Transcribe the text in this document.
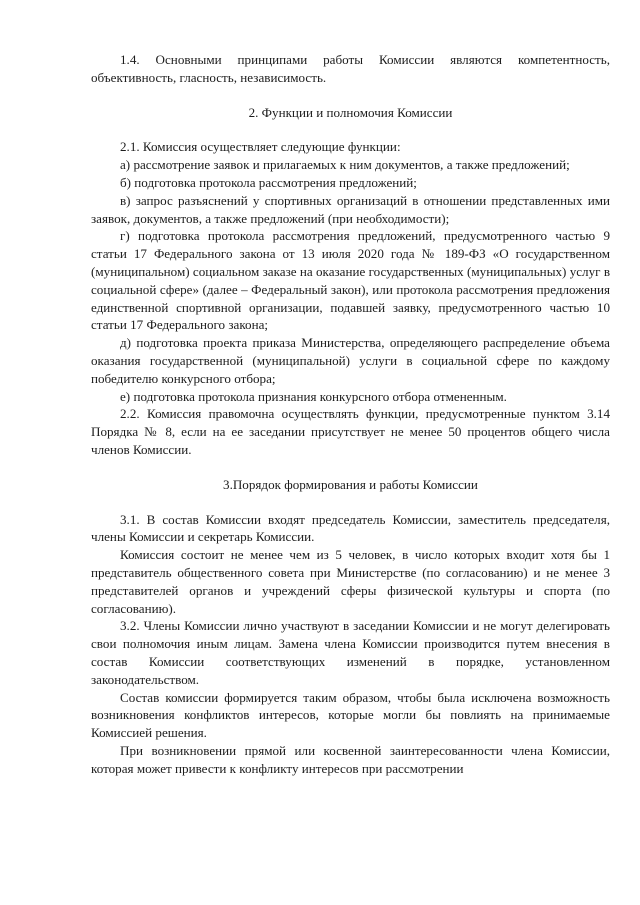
1.4. Основными принципами работы Комиссии являются компетентность, объективность, гласность, независимость.

2. Функции и полномочия Комиссии

2.1. Комиссия осуществляет следующие функции:

а) рассмотрение заявок и прилагаемых к ним документов, а также предложений;

б) подготовка протокола рассмотрения предложений;

в) запрос разъяснений у спортивных организаций в отношении представленных ими заявок, документов, а также предложений (при необходимости);

г) подготовка протокола рассмотрения предложений, предусмотренного частью 9 статьи 17 Федерального закона от 13 июля 2020 года № 189-ФЗ «О государственном (муниципальном) социальном заказе на оказание государственных (муниципальных) услуг в социальной сфере» (далее – Федеральный закон), или протокола рассмотрения предложения единственной спортивной организации, подавшей заявку, предусмотренного частью 10 статьи 17 Федерального закона;

д) подготовка проекта приказа Министерства, определяющего распределение объема оказания государственной (муниципальной) услуги в социальной сфере по каждому победителю конкурсного отбора;

е) подготовка протокола признания конкурсного отбора отмененным.

2.2. Комиссия правомочна осуществлять функции, предусмотренные пунктом 3.14 Порядка № 8, если на ее заседании присутствует не менее 50 процентов общего числа членов Комиссии.

3.Порядок формирования и работы Комиссии

3.1. В состав Комиссии входят председатель Комиссии, заместитель председателя, члены Комиссии и секретарь Комиссии.

Комиссия состоит не менее чем из 5 человек, в число которых входит хотя бы 1 представитель общественного совета при Министерстве (по согласованию) и не менее 3 представителей органов и учреждений сферы физической культуры и спорта (по согласованию).

3.2. Члены Комиссии лично участвуют в заседании Комиссии и не могут делегировать свои полномочия иным лицам. Замена члена Комиссии производится путем внесения в состав Комиссии соответствующих изменений в порядке, установленном законодательством.

Состав комиссии формируется таким образом, чтобы была исключена возможность возникновения конфликтов интересов, которые могли бы повлиять на принимаемые Комиссией решения.

При возникновении прямой или косвенной заинтересованности члена Комиссии, которая может привести к конфликту интересов при рассмотрении
